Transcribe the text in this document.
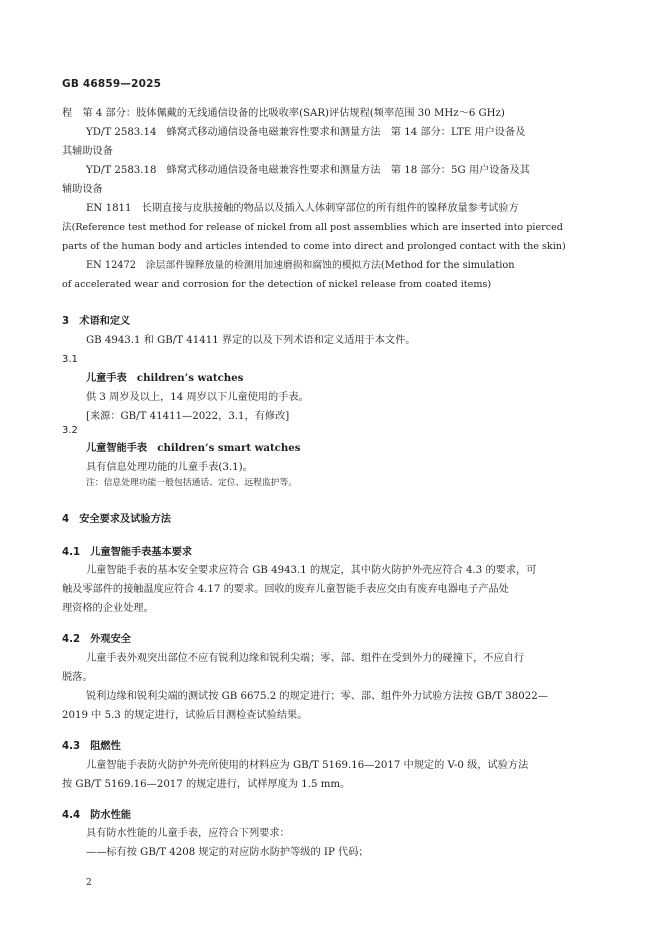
GB 46859—2025
程　第 4 部分：肢体佩戴的无线通信设备的比吸收率(SAR)评估规程(频率范围 30 MHz～6 GHz)
YD/T 2583.14　蜂窝式移动通信设备电磁兼容性要求和测量方法　第 14 部分：LTE 用户设备及
其辅助设备
YD/T 2583.18　蜂窝式移动通信设备电磁兼容性要求和测量方法　第 18 部分：5G 用户设备及其
辅助设备
EN 1811　长期直接与皮肤接触的物品以及插入人体刺穿部位的所有组件的镍释放量参考试验方
法(Reference test method for release of nickel from all post assemblies which are inserted into pierced
parts of the human body and articles intended to come into direct and prolonged contact with the skin)
EN 12472　涂层部件镍释放量的检测用加速磨损和腐蚀的模拟方法(Method for the simulation
of accelerated wear and corrosion for the detection of nickel release from coated items)
3　术语和定义
GB 4943.1 和 GB/T 41411 界定的以及下列术语和定义适用于本文件。
3.1
儿童手表　children’s watches
供 3 周岁及以上，14 周岁以下儿童使用的手表。
[来源：GB/T 41411—2022，3.1，有修改]
3.2
儿童智能手表　children’s smart watches
具有信息处理功能的儿童手表(3.1)。
注：信息处理功能一般包括通话、定位、远程监护等。
4　安全要求及试验方法
4.1　儿童智能手表基本要求
儿童智能手表的基本安全要求应符合 GB 4943.1 的规定，其中防火防护外壳应符合 4.3 的要求，可
触及零部件的接触温度应符合 4.17 的要求。回收的废弃儿童智能手表应交由有废弃电器电子产品处
理资格的企业处理。
4.2　外观安全
儿童手表外观突出部位不应有锐利边缘和锐利尖端；零、部、组件在受到外力的碰撞下，不应自行
脱落。
锐利边缘和锐利尖端的测试按 GB 6675.2 的规定进行；零、部、组件外力试验方法按 GB/T 38022—
2019 中 5.3 的规定进行，试验后目测检查试验结果。
4.3　阻燃性
儿童智能手表防火防护外壳所使用的材料应为 GB/T 5169.16—2017 中规定的 V-0 级，试验方法
按 GB/T 5169.16—2017 的规定进行，试样厚度为 1.5 mm。
4.4　防水性能
具有防水性能的儿童手表，应符合下列要求：
——标有按 GB/T 4208 规定的对应防水防护等级的 IP 代码；
2
